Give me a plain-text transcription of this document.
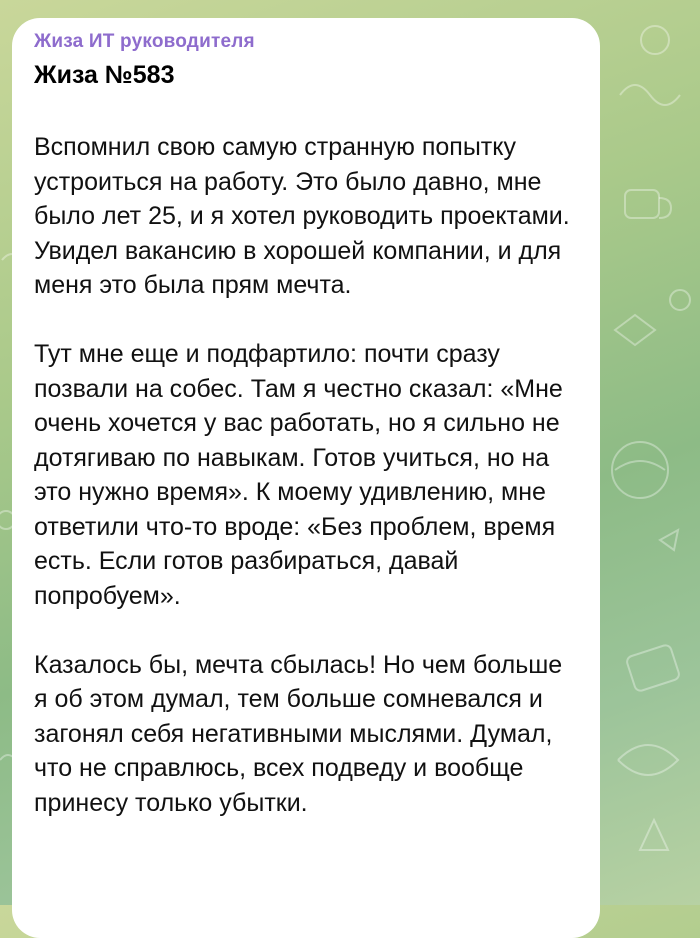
Жиза ИТ руководителя
Жиза №583

Вспомнил свою самую странную попытку устроиться на работу. Это было давно, мне было лет 25, и я хотел руководить проектами. Увидел вакансию в хорошей компании, и для меня это была прям мечта.

Тут мне еще и подфартило: почти сразу позвали на собес. Там я честно сказал: «Мне очень хочется у вас работать, но я сильно не дотягиваю по навыкам. Готов учиться, но на это нужно время». К моему удивлению, мне ответили что-то вроде: «Без проблем, время есть. Если готов разбираться, давай попробуем».

Казалось бы, мечта сбылась! Но чем больше я об этом думал, тем больше сомневался и загонял себя негативными мыслями. Думал, что не справлюсь, всех подведу и вообще принесу только убытки.
